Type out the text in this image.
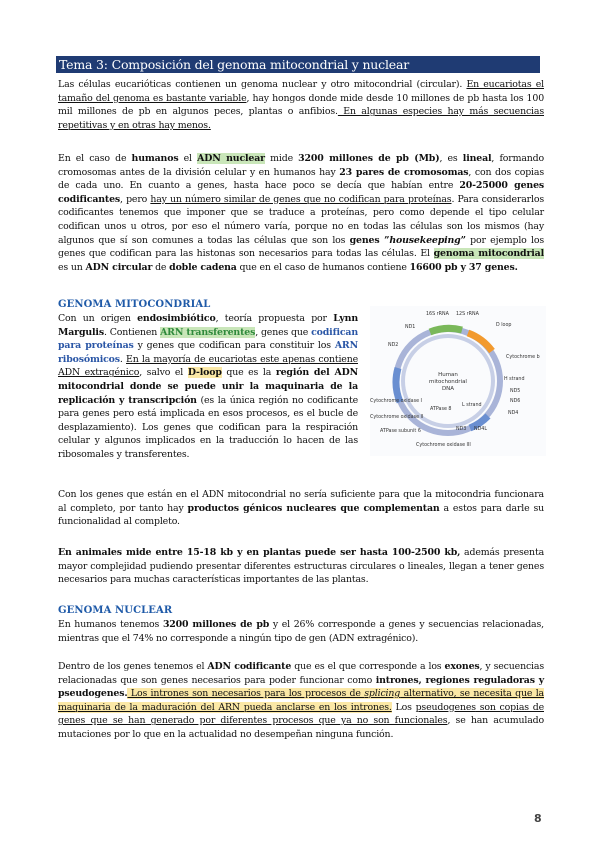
Tema 3: Composición del genoma mitocondrial y nuclear
Las células eucarióticas contienen un genoma nuclear y otro mitocondrial (circular). En eucariotas el tamaño del genoma es bastante variable, hay hongos donde mide desde 10 millones de pb hasta los 100 mil millones de pb en algunos peces, plantas o anfibios. En algunas especies hay más secuencias repetitivas y en otras hay menos.
En el caso de humanos el ADN nuclear mide 3200 millones de pb (Mb), es lineal, formando cromosomas antes de la división celular y en humanos hay 23 pares de cromosomas, con dos copias de cada uno. En cuanto a genes, hasta hace poco se decía que habían entre 20-25000 genes codificantes, pero hay un número similar de genes que no codifican para proteínas. Para considerarlos codificantes tenemos que imponer que se traduce a proteínas, pero como depende el tipo celular codifican unos u otros, por eso el número varía, porque no en todas las células son los mismos (hay algunos que sí son comunes a todas las células que son los genes ”housekeeping” por ejemplo los genes que codifican para las histonas son necesarios para todas las células. El genoma mitocondrial es un ADN circular de doble cadena que en el caso de humanos contiene 16600 pb y 37 genes.
GENOMA MITOCONDRIAL
Con un origen endosimbiótico, teoría propuesta por Lynn Margulis. Contienen ARN transferentes, genes que codifican para proteínas y genes que codifican para constituir los ARN ribosómicos. En la mayoría de eucariotas este apenas contiene ADN extragénico, salvo el D-loop que es la región del ADN mitocondrial donde se puede unir la maquinaria de la replicación y transcripción (es la única región no codificante para genes pero está implicada en esos procesos, es el bucle de desplazamiento). Los genes que codifican para la respiración celular y algunos implicados en la traducción lo hacen de las ribosomales y transferentes.
Human
mitochondrial
DNA
16S rRNA 12S rRNA
D loop
ND1
ND2
Cytochrome b
H strand
L strand
ND5
ND4
ND4L
ND3
ND6
ATPase 8
Cytochrome oxidase I
Cytochrome oxidase II
Cytochrome oxidase III
ATPase subunit 6
Con los genes que están en el ADN mitocondrial no sería suficiente para que la mitocondria funcionara al completo, por tanto hay productos génicos nucleares que complementan a estos para darle su funcionalidad al completo.
En animales mide entre 15-18 kb y en plantas puede ser hasta 100-2500 kb, además presenta mayor complejidad pudiendo presentar diferentes estructuras circulares o lineales, llegan a tener genes necesarios para muchas características importantes de las plantas.
GENOMA NUCLEAR
En humanos tenemos 3200 millones de pb y el 26% corresponde a genes y secuencias relacionadas, mientras que el 74% no corresponde a ningún tipo de gen (ADN extragénico).
Dentro de los genes tenemos el ADN codificante que es el que corresponde a los exones, y secuencias relacionadas que son genes necesarios para poder funcionar como intrones, regiones reguladoras y pseudogenes. Los intrones son necesarios para los procesos de splicing alternativo, se necesita que la maquinaria de la maduración del ARN pueda anclarse en los intrones. Los pseudogenes son copias de genes que se han generado por diferentes procesos que ya no son funcionales, se han acumulado mutaciones por lo que en la actualidad no desempeñan ninguna función.
8
